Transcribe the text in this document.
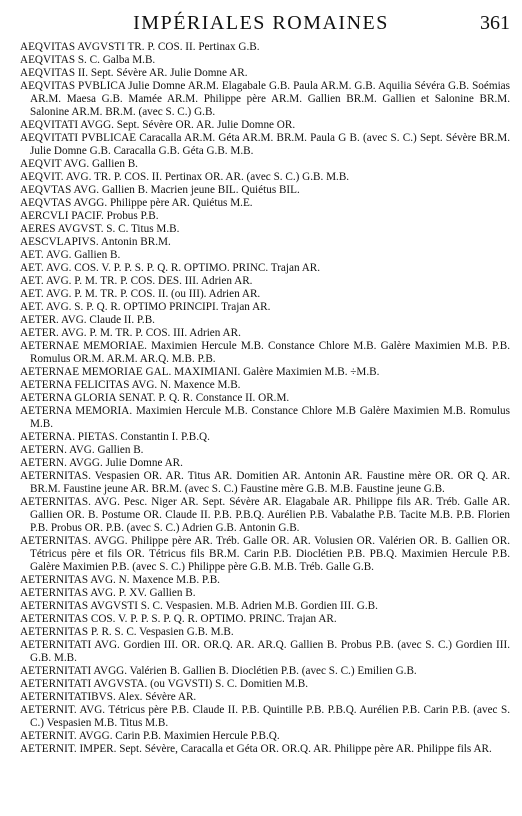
IMPÉRIALES ROMAINES	361
AEQVITAS AVGVSTI TR. P. COS. II. Pertinax G.B.
AEQVITAS S. C. Galba M.B.
AEQVITAS II. Sept. Sévère AR. Julie Domne AR.
AEQVITAS PVBLICA Julie Domne AR.M. Elagabale G.B. Paula AR.M. G.B. Aquilia Sévéra G.B. Soémias AR.M. Maesa G.B. Mamée AR.M. Philippe père AR.M. Gallien BR.M. Gallien et Salonine BR.M. Salonine AR.M. BR.M. (avec S. C.) G.B.
AEQVITATI AVGG. Sept. Sévère OR. AR. Julie Domne OR.
AEQVITATI PVBLICAE Caracalla AR.M. Géta AR.M. BR.M. Paula G B. (avec S. C.) Sept. Sévère BR.M. Julie Domne G.B. Caracalla G.B. Géta G.B. M.B.
AEQVIT AVG. Gallien B.
AEQVIT. AVG. TR. P. COS. II. Pertinax OR. AR. (avec S. C.) G.B. M.B.
AEQVTAS AVG. Gallien B. Macrien jeune BIL. Quiétus BIL.
AEQVTAS AVGG. Philippe père AR. Quiétus M.E.
AERCVLI PACIF. Probus P.B.
AERES AVGVST. S. C. Titus M.B.
AESCVLAPIVS. Antonin BR.M.
AET. AVG. Gallien B.
AET. AVG. COS. V. P. P. S. P. Q. R. OPTIMO. PRINC. Trajan AR.
AET. AVG. P. M. TR. P. COS. DES. III. Adrien AR.
AET. AVG. P. M. TR. P. COS. II. (ou III). Adrien AR.
AET. AVG. S. P. Q. R. OPTIMO PRINCIPI. Trajan AR.
AETER. AVG. Claude II. P.B.
AETER. AVG. P. M. TR. P. COS. III. Adrien AR.
AETERNAE MEMORIAE. Maximien Hercule M.B. Constance Chlore M.B. Galère Maximien M.B. P.B. Romulus OR.M. AR.M. AR.Q. M.B. P.B.
AETERNAE MEMORIAE GAL. MAXIMIANI. Galère Maximien M.B. ÷M.B.
AETERNA FELICITAS AVG. N. Maxence M.B.
AETERNA GLORIA SENAT. P. Q. R. Constance II. OR.M.
AETERNA MEMORIA. Maximien Hercule M.B. Constance Chlore M.B Galère Maximien M.B. Romulus M.B.
AETERNA. PIETAS. Constantin I. P.B.Q.
AETERN. AVG. Gallien B.
AETERN. AVGG. Julie Domne AR.
AETERNITAS. Vespasien OR. AR. Titus AR. Domitien AR. Antonin AR. Faustine mère OR. OR Q. AR. BR.M. Faustine jeune AR. BR.M. (avec S. C.) Faustine mère G.B. M.B. Faustine jeune G.B.
AETERNITAS. AVG. Pesc. Niger AR. Sept. Sévère AR. Elagabale AR. Philippe fils AR. Tréb. Galle AR. Gallien OR. B. Postume OR. Claude II. P.B. P.B.Q. Aurélien P.B. Vabalathe P.B. Tacite M.B. P.B. Florien P.B. Probus OR. P.B. (avec S. C.) Adrien G.B. Antonin G.B.
AETERNITAS. AVGG. Philippe père AR. Tréb. Galle OR. AR. Volusien OR. Valérien OR. B. Gallien OR. Tétricus père et fils OR. Tétricus fils BR.M. Carin P.B. Dioclétien P.B. PB.Q. Maximien Hercule P.B. Galère Maximien P.B. (avec S. C.) Philippe père G.B. M.B. Tréb. Galle G.B.
AETERNITAS AVG. N. Maxence M.B. P.B.
AETERNITAS AVG. P. XV. Gallien B.
AETERNITAS AVGVSTI S. C. Vespasien. M.B. Adrien M.B. Gordien III. G.B.
AETERNITAS COS. V. P. P. S. P. Q. R. OPTIMO. PRINC. Trajan AR.
AETERNITAS P. R. S. C. Vespasien G.B. M.B.
AETERNITATI AVG. Gordien III. OR. OR.Q. AR. AR.Q. Gallien B. Probus P.B. (avec S. C.) Gordien III. G.B. M.B.
AETERNITATI AVGG. Valérien B. Gallien B. Dioclétien P.B. (avec S. C.) Emilien G.B.
AETERNITATI AVGVSTA. (ou VGVSTI) S. C. Domitien M.B.
AETERNITATIBVS. Alex. Sévère AR.
AETERNIT. AVG. Tétricus père P.B. Claude II. P.B. Quintille P.B. P.B.Q. Aurélien P.B. Carin P.B. (avec S. C.) Vespasien M.B. Titus M.B.
AETERNIT. AVGG. Carin P.B. Maximien Hercule P.B.Q.
AETERNIT. IMPER. Sept. Sévère, Caracalla et Géta OR. OR.Q. AR. Philippe père AR. Philippe fils AR.
